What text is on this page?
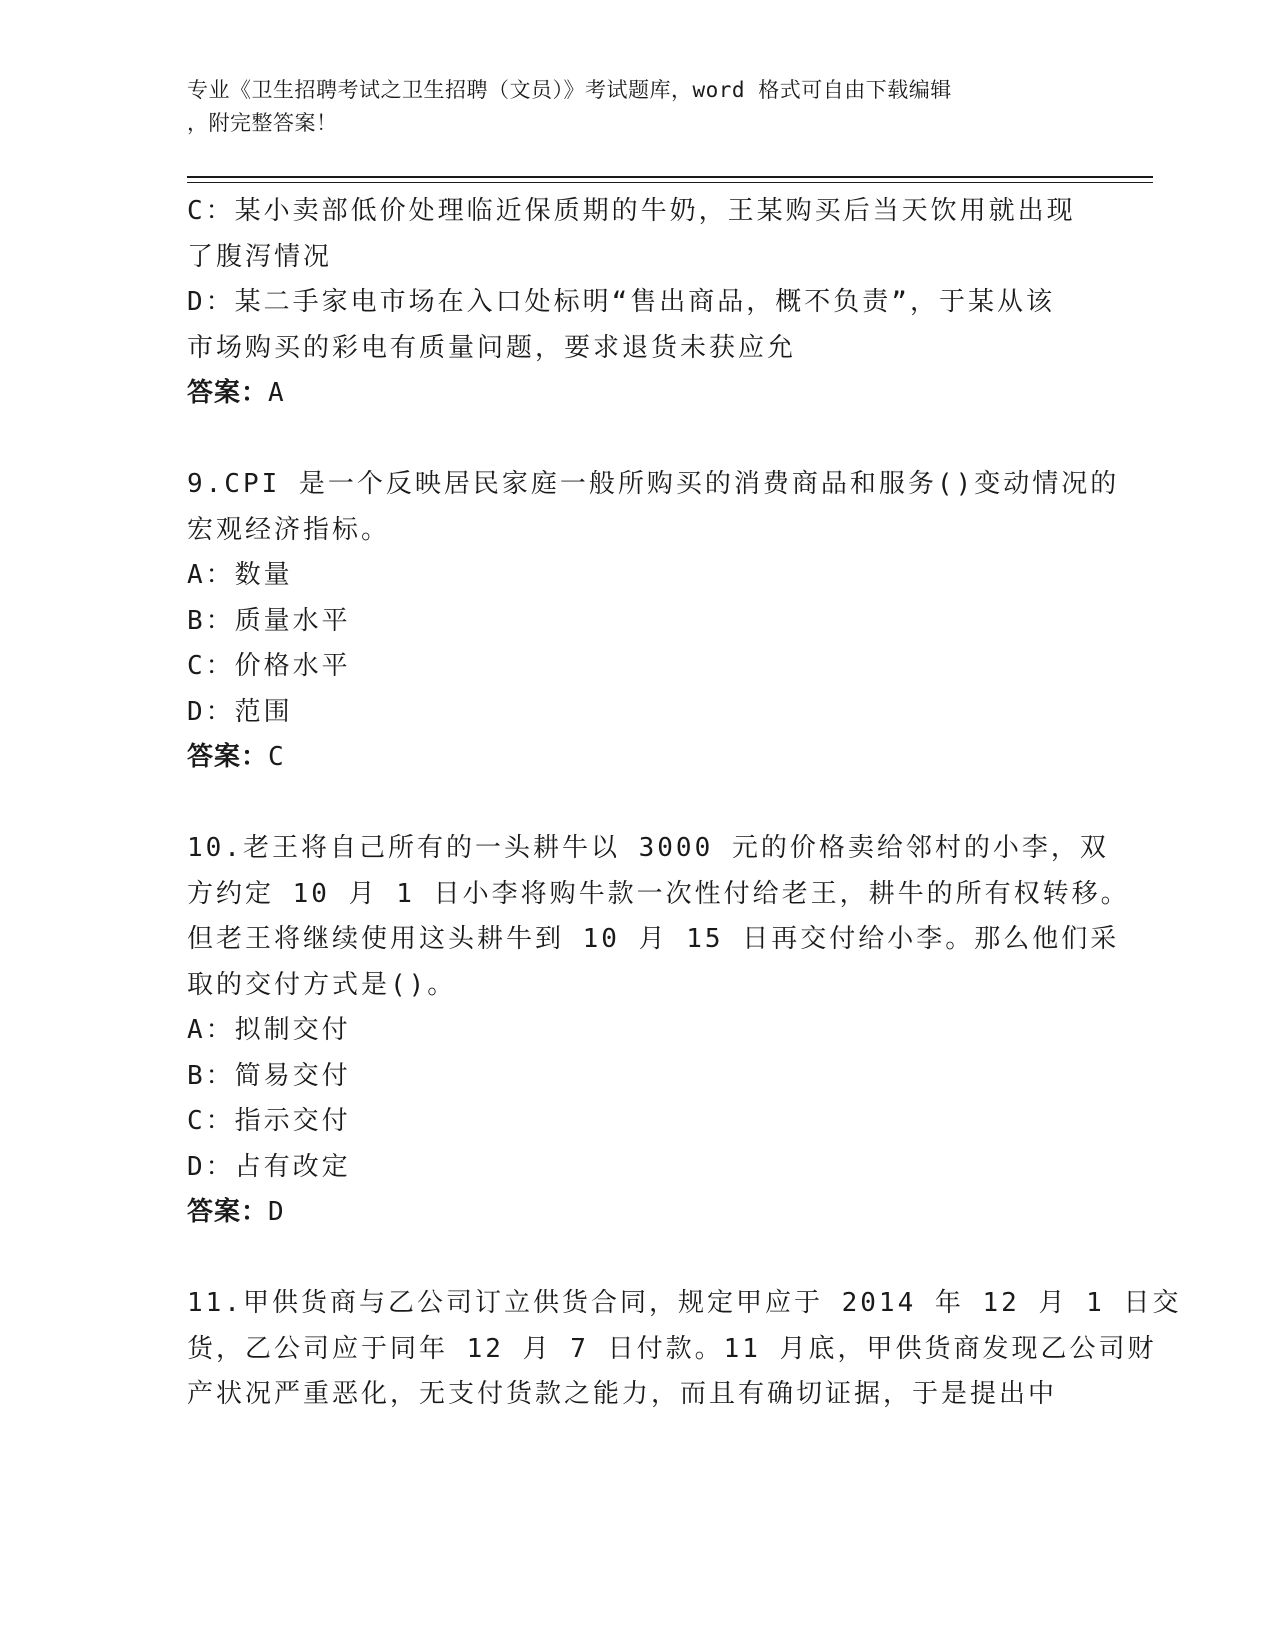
专业《卫生招聘考试之卫生招聘（文员）》考试题库，word 格式可自由下载编辑
，附完整答案！
C：某小卖部低价处理临近保质期的牛奶，王某购买后当天饮用就出现
了腹泻情况
D：某二手家电市场在入口处标明“售出商品，概不负责”，于某从该
市场购买的彩电有质量问题，要求退货未获应允
答案：A
9.CPI 是一个反映居民家庭一般所购买的消费商品和服务()变动情况的
宏观经济指标。
A：数量
B：质量水平
C：价格水平
D：范围
答案：C
10.老王将自己所有的一头耕牛以 3000 元的价格卖给邻村的小李，双
方约定 10 月 1 日小李将购牛款一次性付给老王，耕牛的所有权转移。
但老王将继续使用这头耕牛到 10 月 15 日再交付给小李。那么他们采
取的交付方式是()。
A：拟制交付
B：简易交付
C：指示交付
D：占有改定
答案：D
11.甲供货商与乙公司订立供货合同，规定甲应于 2014 年 12 月 1 日交
货，乙公司应于同年 12 月 7 日付款。11 月底，甲供货商发现乙公司财
产状况严重恶化，无支付货款之能力，而且有确切证据，于是提出中
